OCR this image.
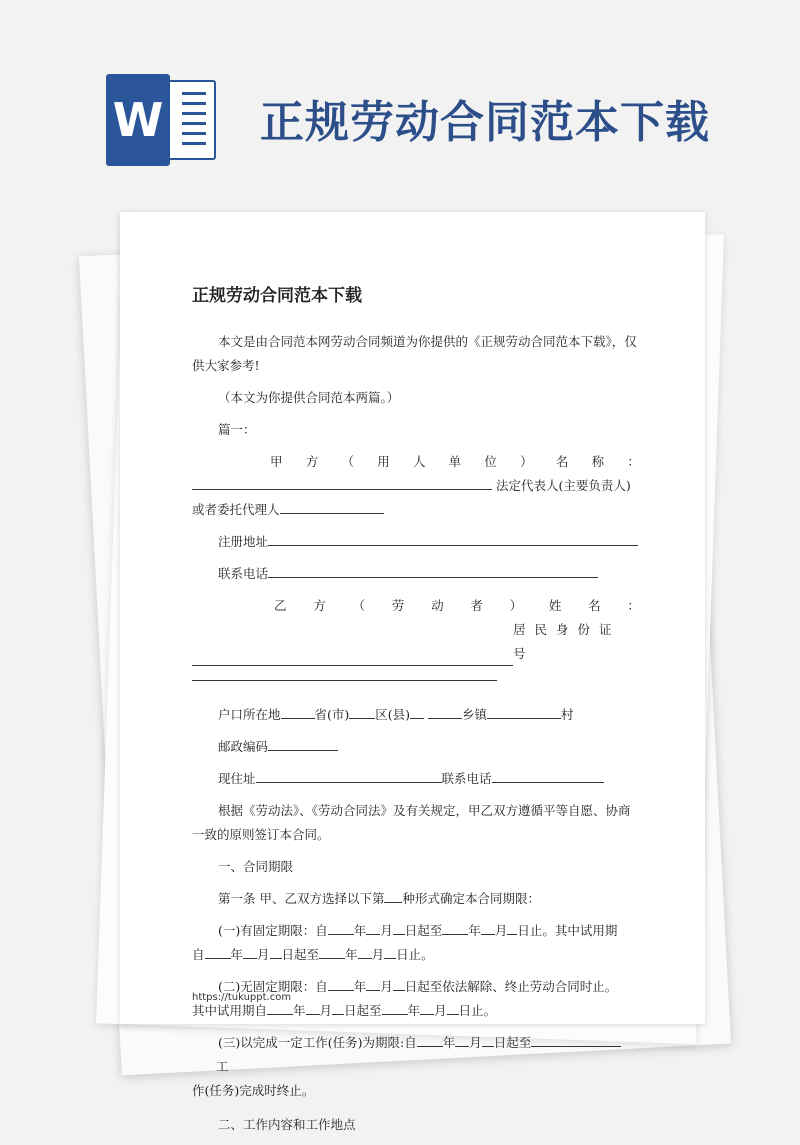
W 正规劳动合同范本下载
正规劳动合同范本下载

本文是由合同范本网劳动合同频道为你提供的《正规劳动合同范本下载》，仅供大家参考!

（本文为你提供合同范本两篇。）

篇一：

甲 方 （ 用 人 单 位 ） 名 称 ：
法定代表人(主要负责人)

或者委托代理人

注册地址

联系电话

乙 方 （ 劳 动 者 ） 姓 名 ：
居民身份证号

户口所在地	省(市) 区(县)	乡镇	村

邮政编码

现住址	联系电话

根据《劳动法》、《劳动合同法》及有关规定，甲乙双方遵循平等自愿、协商一致的原则签订本合同。

一、合同期限

第一条 甲、乙双方选择以下第 种形式确定本合同期限：

(一)有固定期限：自 年 月 日起至 年 月 日止。其中试用期
自 年 月 日起至 年 月 日止。

(二)无固定期限：自 年 月 日起至依法解除、终止劳动合同时止。
其中试用期自 年 月 日起至 年 月 日止。

(三)以完成一定工作(任务)为期限:自 年 月 日起至      工
作(任务)完成时终止。

二、工作内容和工作地点

https://tukuppt.com
